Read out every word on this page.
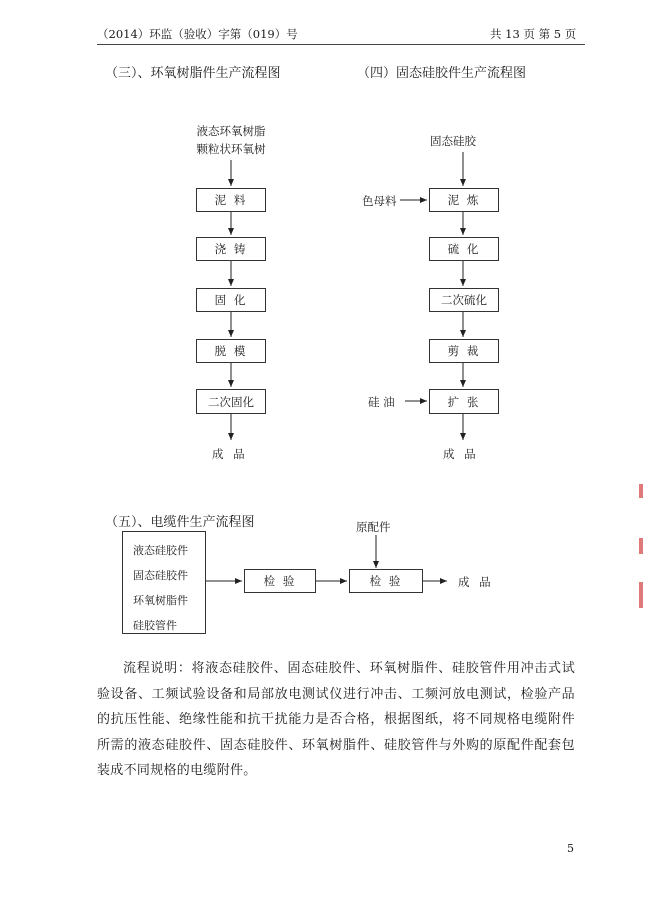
（2014）环监（验收）字第（019）号	共 13 页 第 5 页
（三）、环氧树脂件生产流程图
液态环氧树脂
颗粒状环氧树
泥 料
浇 铸
固 化
脱 模
二次固化
成 品
（四）固态硅胶件生产流程图
固态硅胶
色母料
硅 油
泥 炼
硫 化
二次硫化
剪 裁
扩 张
成 品
（五）、电缆件生产流程图
液态硅胶件
固态硅胶件
环氧树脂件
硅胶管件
检 验	检 验
原配件
成 品
流程说明：将液态硅胶件、固态硅胶件、环氧树脂件、硅胶管件用冲击式试验设备、工频试验设备和局部放电测试仪进行冲击、工频河放电测试，检验产品的抗压性能、绝缘性能和抗干扰能力是否合格，根据图纸，将不同规格电缆附件所需的液态硅胶件、固态硅胶件、环氧树脂件、硅胶管件与外购的原配件配套包装成不同规格的电缆附件。
5
